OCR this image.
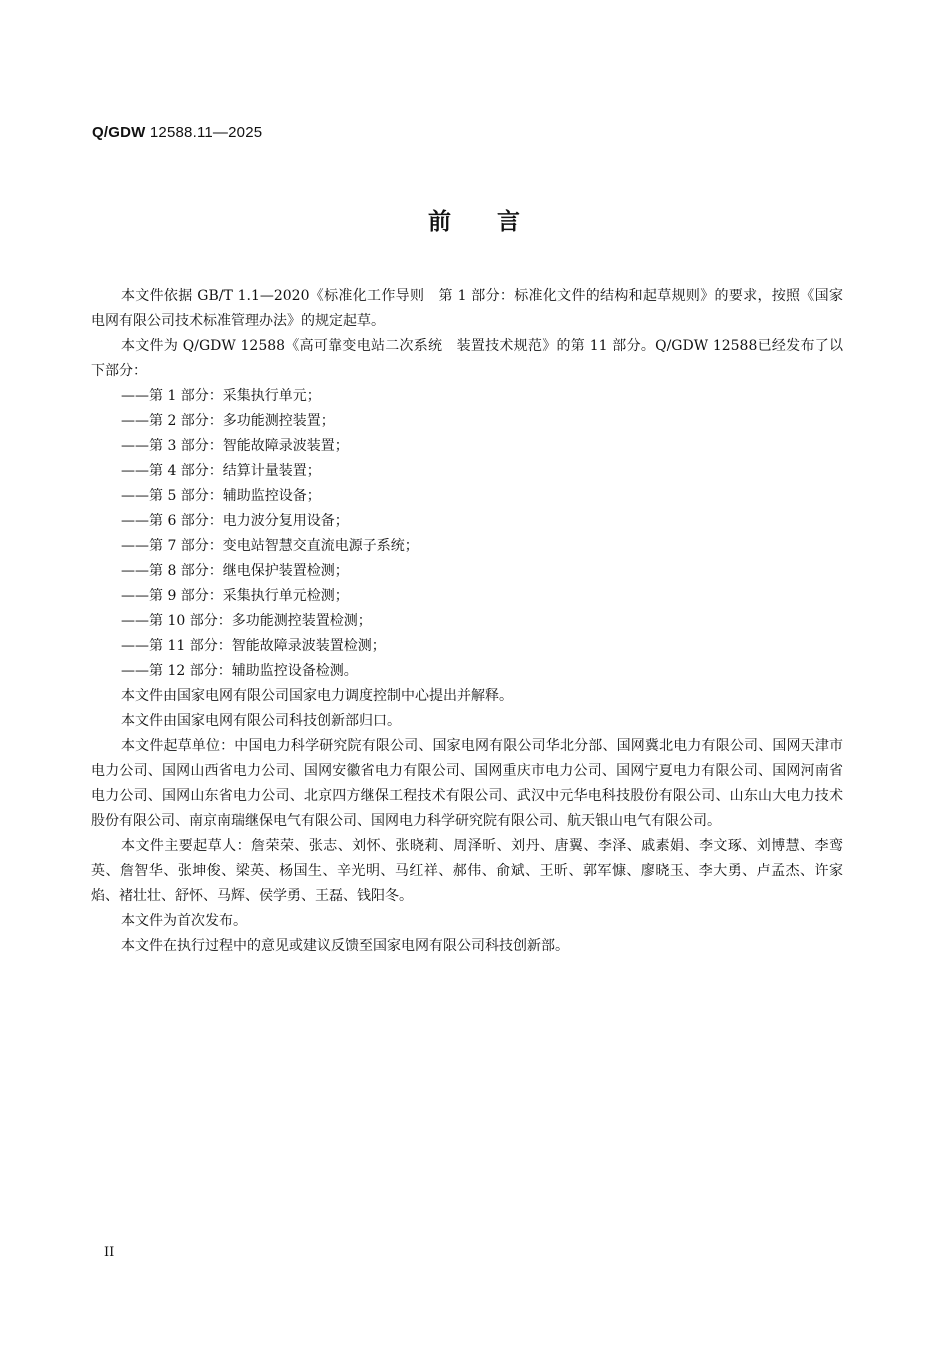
Q/GDW 12588.11—2025
前 言

本文件依据 GB/T 1.1—2020《标准化工作导则　第 1 部分：标准化文件的结构和起草规则》的要求，按照《国家电网有限公司技术标准管理办法》的规定起草。

本文件为 Q/GDW 12588《高可靠变电站二次系统　装置技术规范》的第 11 部分。Q/GDW 12588已经发布了以下部分：

——第 1 部分：采集执行单元；

——第 2 部分：多功能测控装置；

——第 3 部分：智能故障录波装置；

——第 4 部分：结算计量装置；

——第 5 部分：辅助监控设备；

——第 6 部分：电力波分复用设备；

——第 7 部分：变电站智慧交直流电源子系统；

——第 8 部分：继电保护装置检测；

——第 9 部分：采集执行单元检测；

——第 10 部分：多功能测控装置检测；

——第 11 部分：智能故障录波装置检测；

——第 12 部分：辅助监控设备检测。

本文件由国家电网有限公司国家电力调度控制中心提出并解释。

本文件由国家电网有限公司科技创新部归口。

本文件起草单位：中国电力科学研究院有限公司、国家电网有限公司华北分部、国网冀北电力有限公司、国网天津市电力公司、国网山西省电力公司、国网安徽省电力有限公司、国网重庆市电力公司、国网宁夏电力有限公司、国网河南省电力公司、国网山东省电力公司、北京四方继保工程技术有限公司、武汉中元华电科技股份有限公司、山东山大电力技术股份有限公司、南京南瑞继保电气有限公司、国网电力科学研究院有限公司、航天银山电气有限公司。

本文件主要起草人：詹荣荣、张志、刘怀、张晓莉、周泽昕、刘丹、唐翼、李泽、戚素娟、李文琢、刘博慧、李鸾英、詹智华、张坤俊、梁英、杨国生、辛光明、马红祥、郝伟、俞斌、王昕、郭军慷、廖晓玉、李大勇、卢孟杰、许家焰、褚壮壮、舒怀、马辉、侯学勇、王磊、钱阳冬。

本文件为首次发布。

本文件在执行过程中的意见或建议反馈至国家电网有限公司科技创新部。

II
